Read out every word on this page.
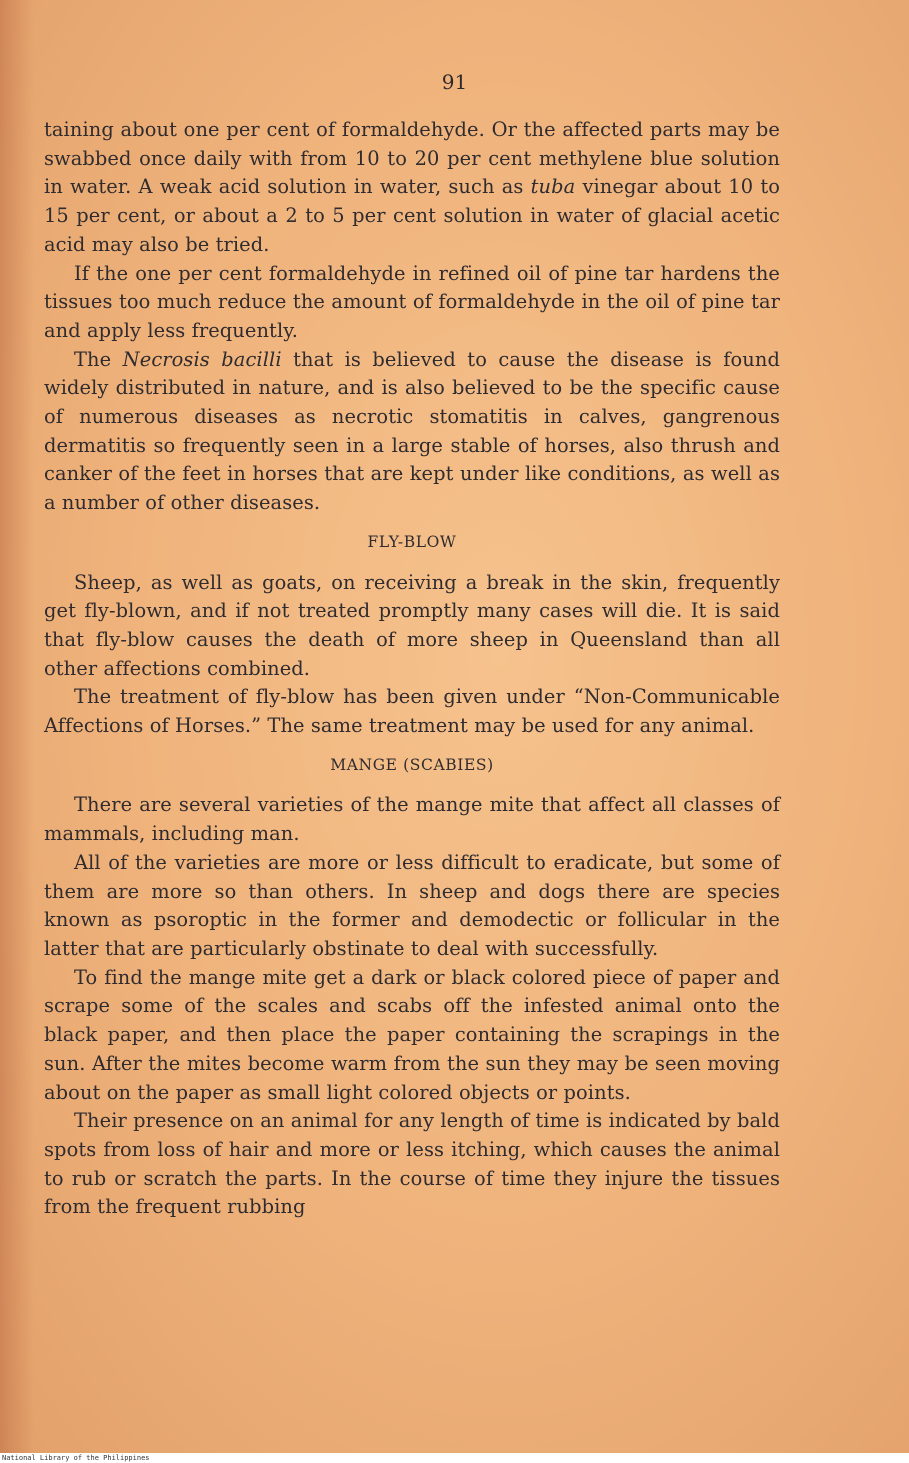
91

taining about one per cent of formaldehyde. Or the affected parts may be swabbed once daily with from 10 to 20 per cent methylene blue solution in water. A weak acid solution in water, such as tuba vinegar about 10 to 15 per cent, or about a 2 to 5 per cent solution in water of glacial acetic acid may also be tried.

If the one per cent formaldehyde in refined oil of pine tar hardens the tissues too much reduce the amount of formaldehyde in the oil of pine tar and apply less frequently.

The Necrosis bacilli that is believed to cause the disease is found widely distributed in nature, and is also believed to be the specific cause of numerous diseases as necrotic stomatitis in calves, gangrenous dermatitis so frequently seen in a large stable of horses, also thrush and canker of the feet in horses that are kept under like conditions, as well as a number of other diseases.

FLY-BLOW

Sheep, as well as goats, on receiving a break in the skin, frequently get fly-blown, and if not treated promptly many cases will die. It is said that fly-blow causes the death of more sheep in Queensland than all other affections combined.

The treatment of fly-blow has been given under “Non-Communicable Affections of Horses.” The same treatment may be used for any animal.

MANGE (SCABIES)

There are several varieties of the mange mite that affect all classes of mammals, including man.

All of the varieties are more or less difficult to eradicate, but some of them are more so than others. In sheep and dogs there are species known as psoroptic in the former and demodectic or follicular in the latter that are particularly obstinate to deal with successfully.

To find the mange mite get a dark or black colored piece of paper and scrape some of the scales and scabs off the infested animal onto the black paper, and then place the paper containing the scrapings in the sun. After the mites become warm from the sun they may be seen moving about on the paper as small light colored objects or points.

Their presence on an animal for any length of time is indicated by bald spots from loss of hair and more or less itching, which causes the animal to rub or scratch the parts. In the course of time they injure the tissues from the frequent rubbing

National Library of the Philippines
